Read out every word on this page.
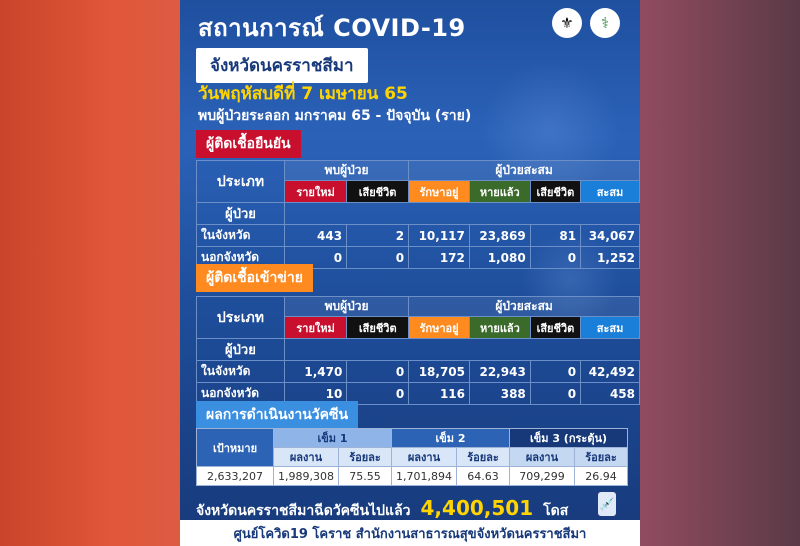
สถานการณ์ COVID-19	⚜	⚕
จังหวัดนครราชสีมา
วันพฤหัสบดีที่ 7 เมษายน 65
พบผู้ป่วยระลอก มกราคม 65 - ปัจจุบัน (ราย)
ผู้ติดเชื้อยืนยัน
ประเภท	พบผู้ป่วย		ผู้ป่วยสะสม			
	รายใหม่	เสียชีวิต	รักษาอยู่	หายแล้ว	เสียชีวิต	สะสม
ผู้ป่วย						
ในจังหวัด	443	2	10,117	23,869	81	34,067
นอกจังหวัด	0	0	172	1,080	0	1,252
ผู้ติดเชื้อเข้าข่าย
ประเภท	พบผู้ป่วย		ผู้ป่วยสะสม			
	รายใหม่	เสียชีวิต	รักษาอยู่	หายแล้ว	เสียชีวิต	สะสม
ผู้ป่วย						
ในจังหวัด	1,470	0	18,705	22,943	0	42,492
นอกจังหวัด	10	0	116	388	0	458
ผลการดำเนินงานวัคซีน
เป้าหมาย	เข็ม 1		เข็ม 2		เข็ม 3 (กระตุ้น)	
	ผลงาน	ร้อยละ	ผลงาน	ร้อยละ	ผลงาน	ร้อยละ
2,633,207	1,989,308	75.55	1,701,894	64.63	709,299	26.94
จังหวัดนครราชสีมาฉีดวัคซีนไปแล้ว 4,400,501 โดส	💉
ศูนย์โควิด19 โคราช สำนักงานสาธารณสุขจังหวัดนครราชสีมา
